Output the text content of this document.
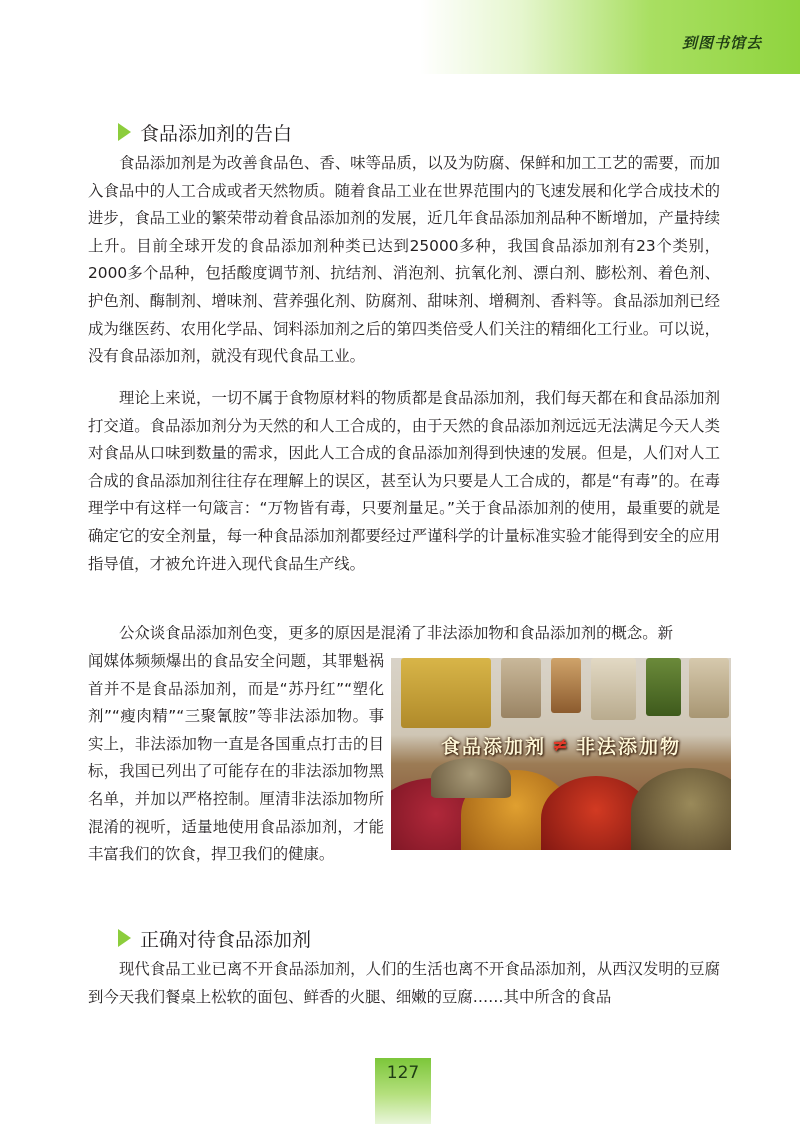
到图书馆去
食品添加剂的告白

食品添加剂是为改善食品色、香、味等品质，以及为防腐、保鲜和加工工艺的需要，而加入食品中的人工合成或者天然物质。随着食品工业在世界范围内的飞速发展和化学合成技术的进步，食品工业的繁荣带动着食品添加剂的发展，近几年食品添加剂品种不断增加，产量持续上升。目前全球开发的食品添加剂种类已达到25000多种，我国食品添加剂有23个类别，2000多个品种，包括酸度调节剂、抗结剂、消泡剂、抗氧化剂、漂白剂、膨松剂、着色剂、护色剂、酶制剂、增味剂、营养强化剂、防腐剂、甜味剂、增稠剂、香料等。食品添加剂已经成为继医药、农用化学品、饲料添加剂之后的第四类倍受人们关注的精细化工行业。可以说，没有食品添加剂，就没有现代食品工业。

理论上来说，一切不属于食物原材料的物质都是食品添加剂，我们每天都在和食品添加剂打交道。食品添加剂分为天然的和人工合成的，由于天然的食品添加剂远远无法满足今天人类对食品从口味到数量的需求，因此人工合成的食品添加剂得到快速的发展。但是，人们对人工合成的食品添加剂往往存在理解上的误区，甚至认为只要是人工合成的，都是“有毒”的。在毒理学中有这样一句箴言：“万物皆有毒，只要剂量足。”关于食品添加剂的使用，最重要的就是确定它的安全剂量，每一种食品添加剂都要经过严谨科学的计量标准实验才能得到安全的应用指导值，才被允许进入现代食品生产线。

公众谈食品添加剂色变，更多的原因是混淆了非法添加物和食品添加剂的概念。新

闻媒体频频爆出的食品安全问题，其罪魁祸首并不是食品添加剂，而是“苏丹红”“塑化剂”“瘦肉精”“三聚氰胺”等非法添加物。事实上，非法添加物一直是各国重点打击的目标，我国已列出了可能存在的非法添加物黑名单，并加以严格控制。厘清非法添加物所混淆的视听，适量地使用食品添加剂，才能丰富我们的饮食，捍卫我们的健康。

食品添加剂 ≠ 非法添加物
正确对待食品添加剂

现代食品工业已离不开食品添加剂，人们的生活也离不开食品添加剂，从西汉发明的豆腐到今天我们餐桌上松软的面包、鲜香的火腿、细嫩的豆腐……其中所含的食品

127
